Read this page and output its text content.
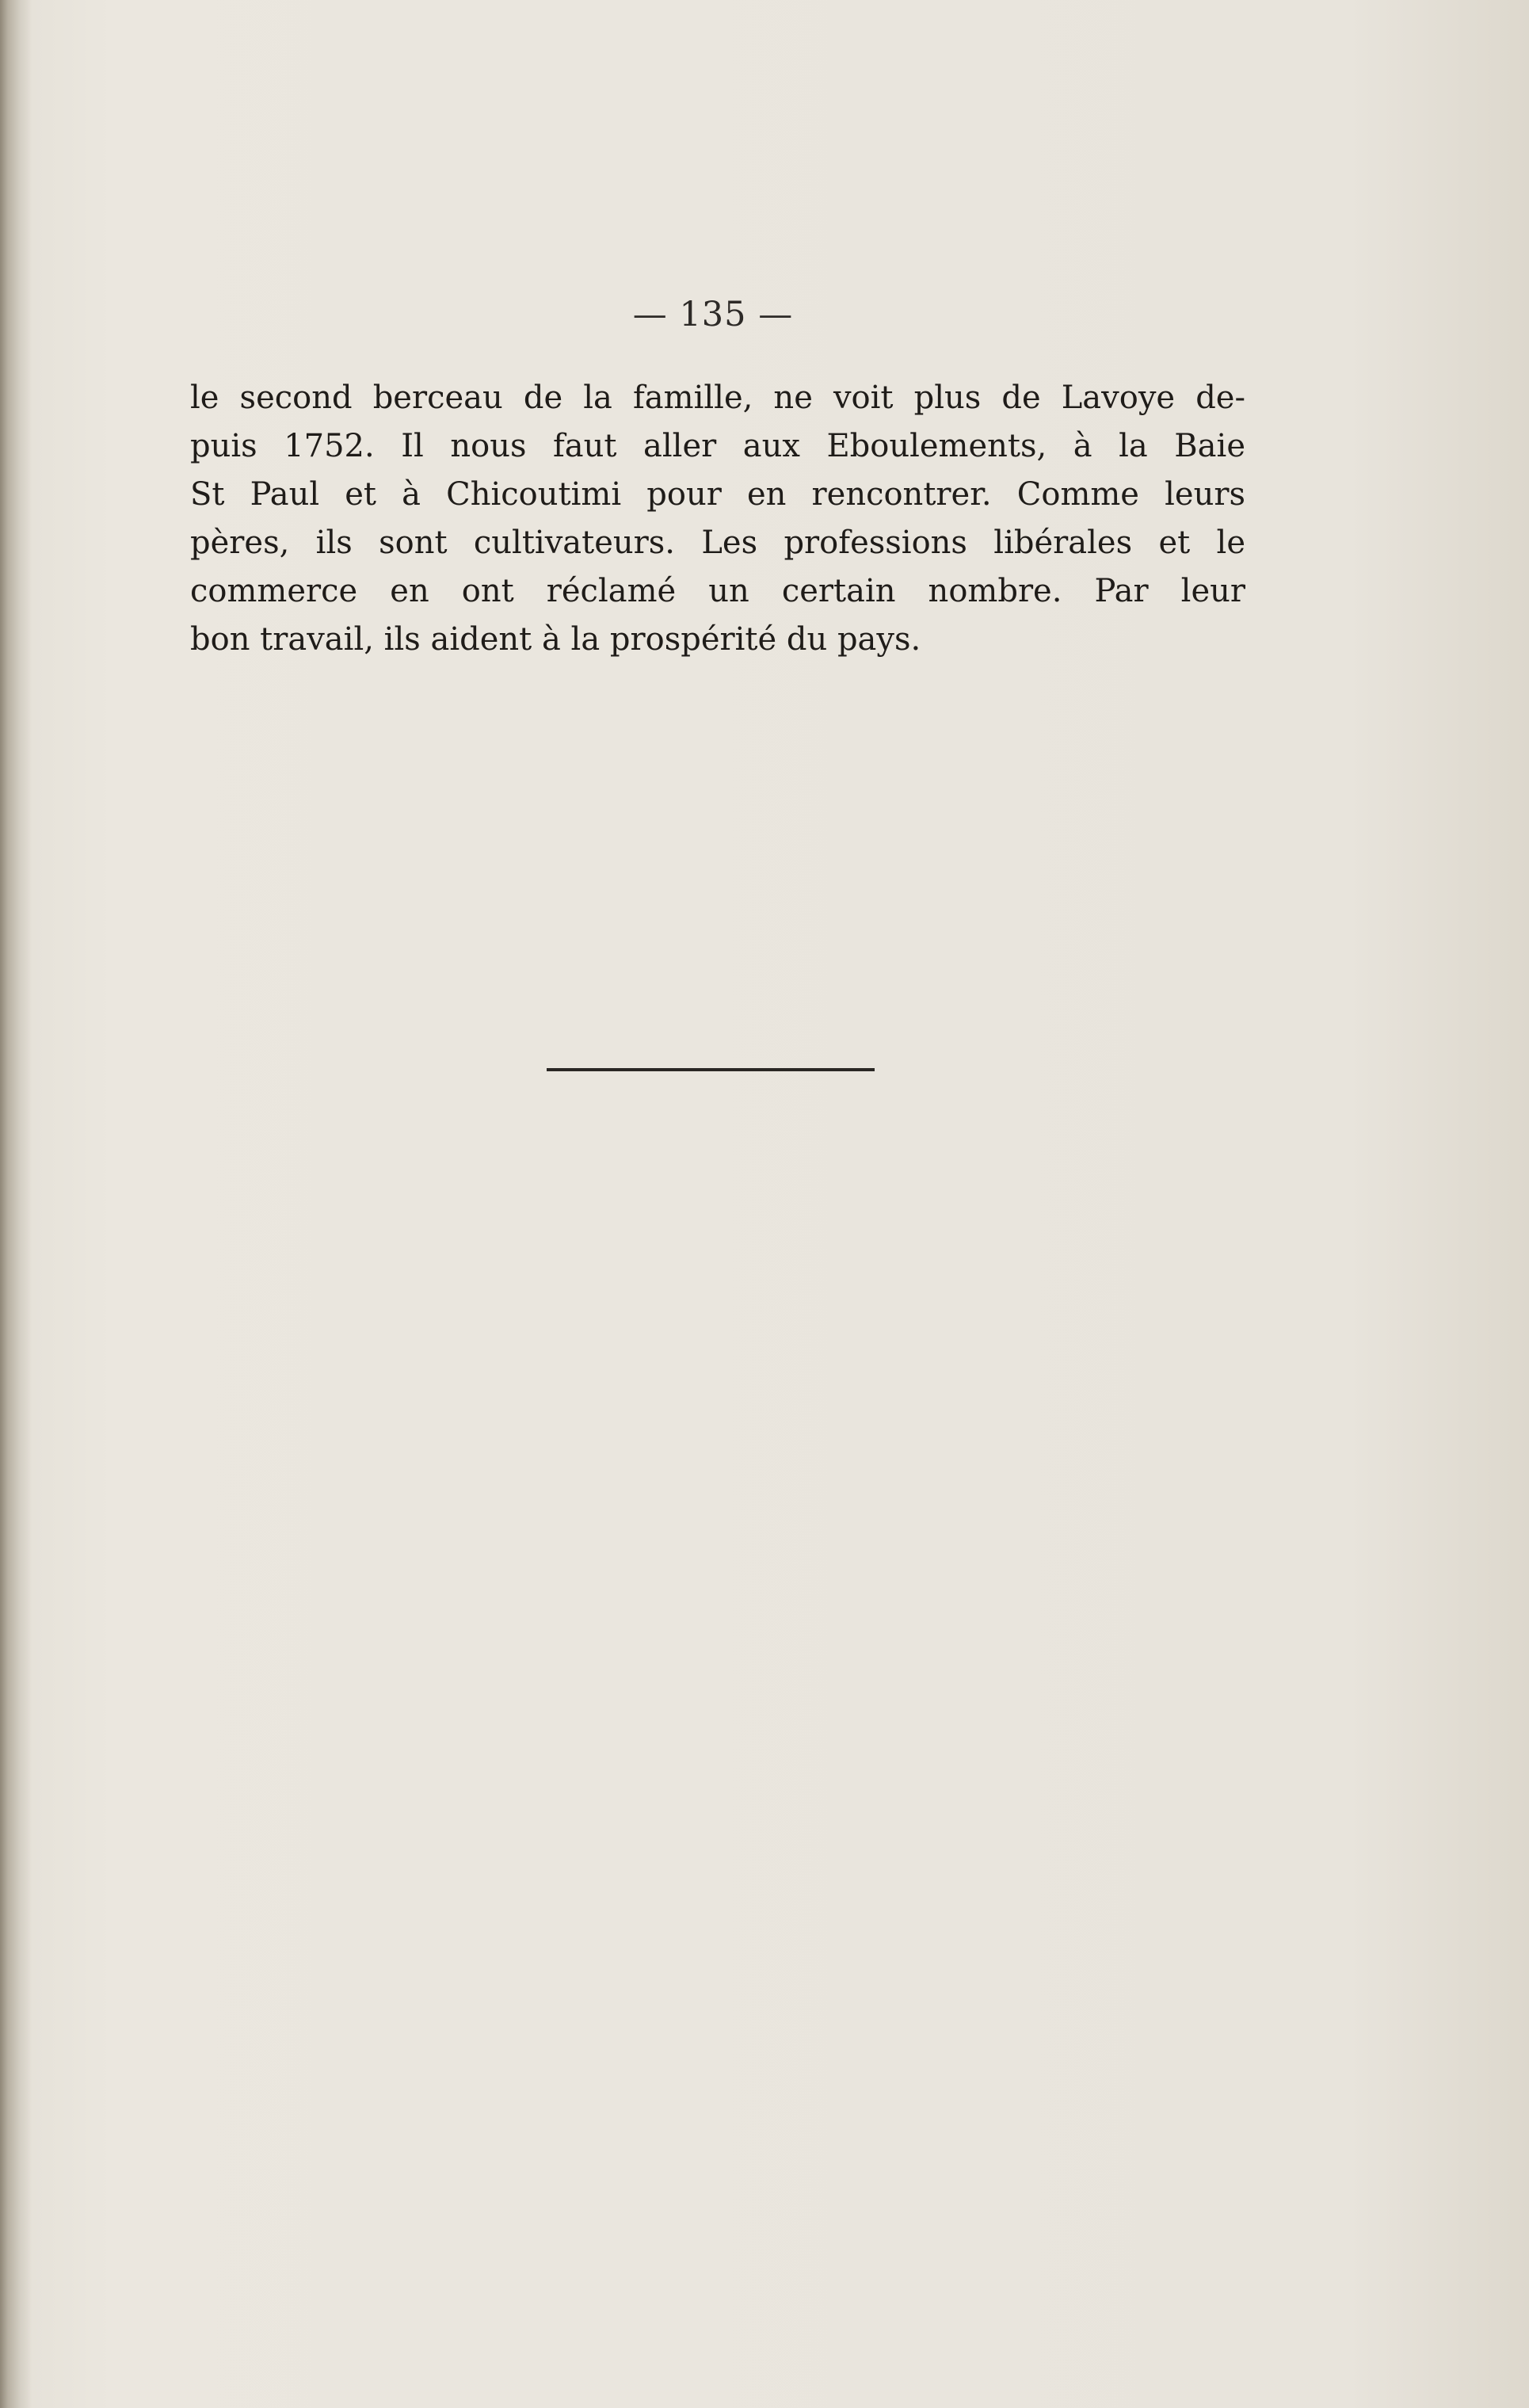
— 135 —
le second berceau de la famille, ne voit plus de Lavoye de-
puis 1752. Il nous faut aller aux Eboulements, à la Baie
St Paul et à Chicoutimi pour en rencontrer. Comme leurs
pères, ils sont cultivateurs. Les professions libérales et le
commerce en ont réclamé un certain nombre. Par leur
bon travail, ils aident à la prospérité du pays.
